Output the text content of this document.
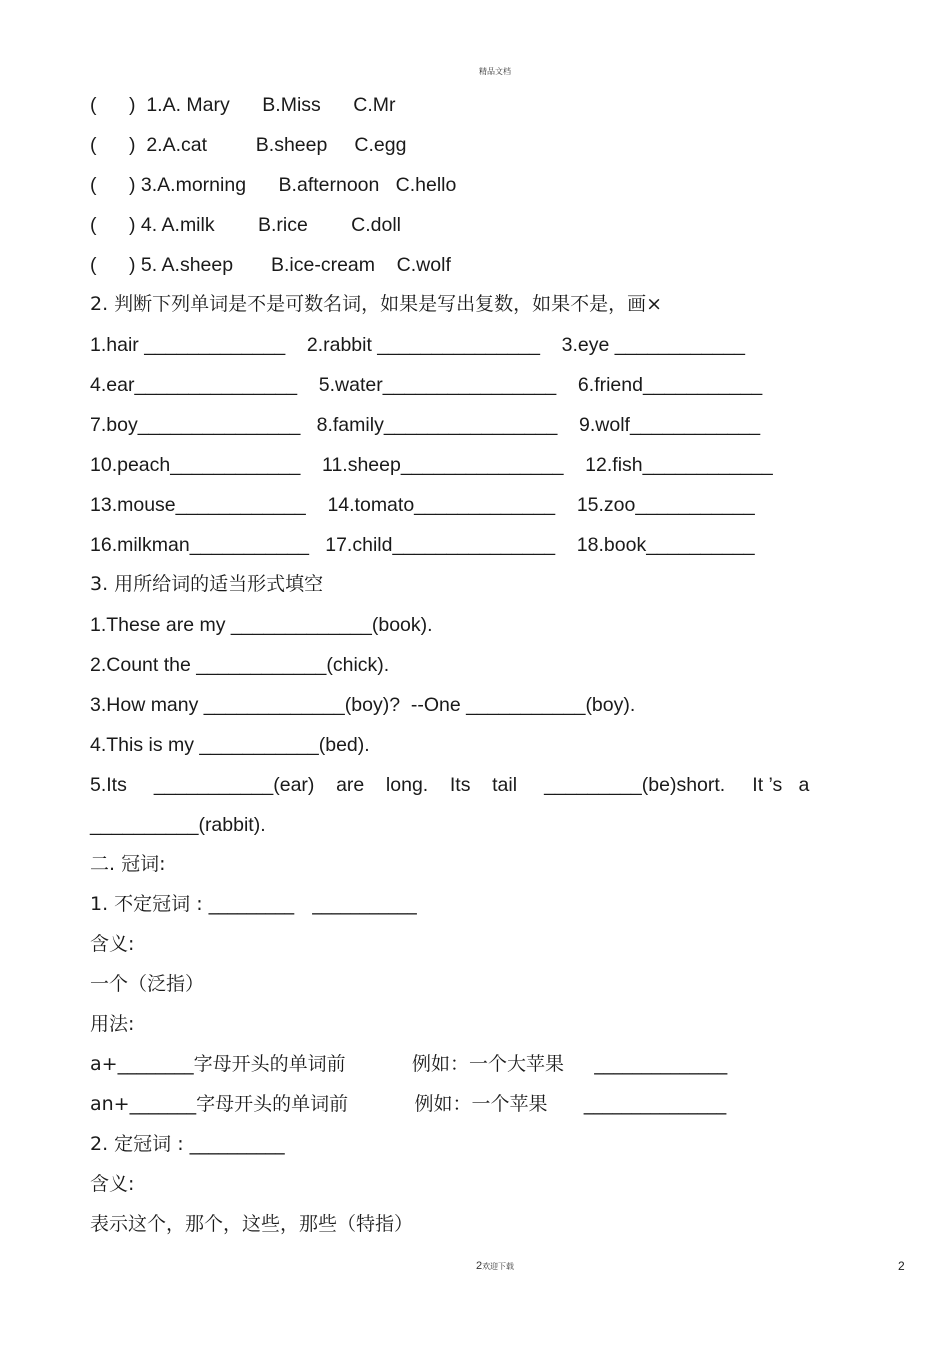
精品文档
(      )  1.A. Mary      B.Miss      C.Mr
(      )  2.A.cat         B.sheep     C.egg
(      ) 3.A.morning      B.afternoon   C.hello
(      ) 4. A.milk        B.rice        C.doll
(      ) 5. A.sheep       B.ice-cream    C.wolf
2. 判断下列单词是不是可数名词，如果是写出复数，如果不是，画×
1.hair _____________    2.rabbit _______________    3.eye ____________
4.ear_______________    5.water________________    6.friend___________
7.boy_______________   8.family________________    9.wolf____________
10.peach____________    11.sheep_______________    12.fish____________
13.mouse____________    14.tomato_____________    15.zoo___________
16.milkman___________   17.child_______________    18.book__________
3. 用所给词的适当形式填空
1.These are my _____________(book).
2.Count the ____________(chick).
3.How many _____________(boy)?  --One ___________(boy).
4.This is my ___________(bed).
5.Its     ___________(ear)    are    long.    Its    tail     _________(be)short.     It ’s   a
__________(rabbit).
二. 冠词:
1. 不定冠词 : _________   ___________
含义:
一个（泛指）
用法:
a+________字母开头的单词前           例如：一个大苹果     ______________
an+_______字母开头的单词前           例如：一个苹果      _______________
2. 定冠词 : __________
含义:
表示这个，那个，这些，那些（特指）
2欢迎下载	2
